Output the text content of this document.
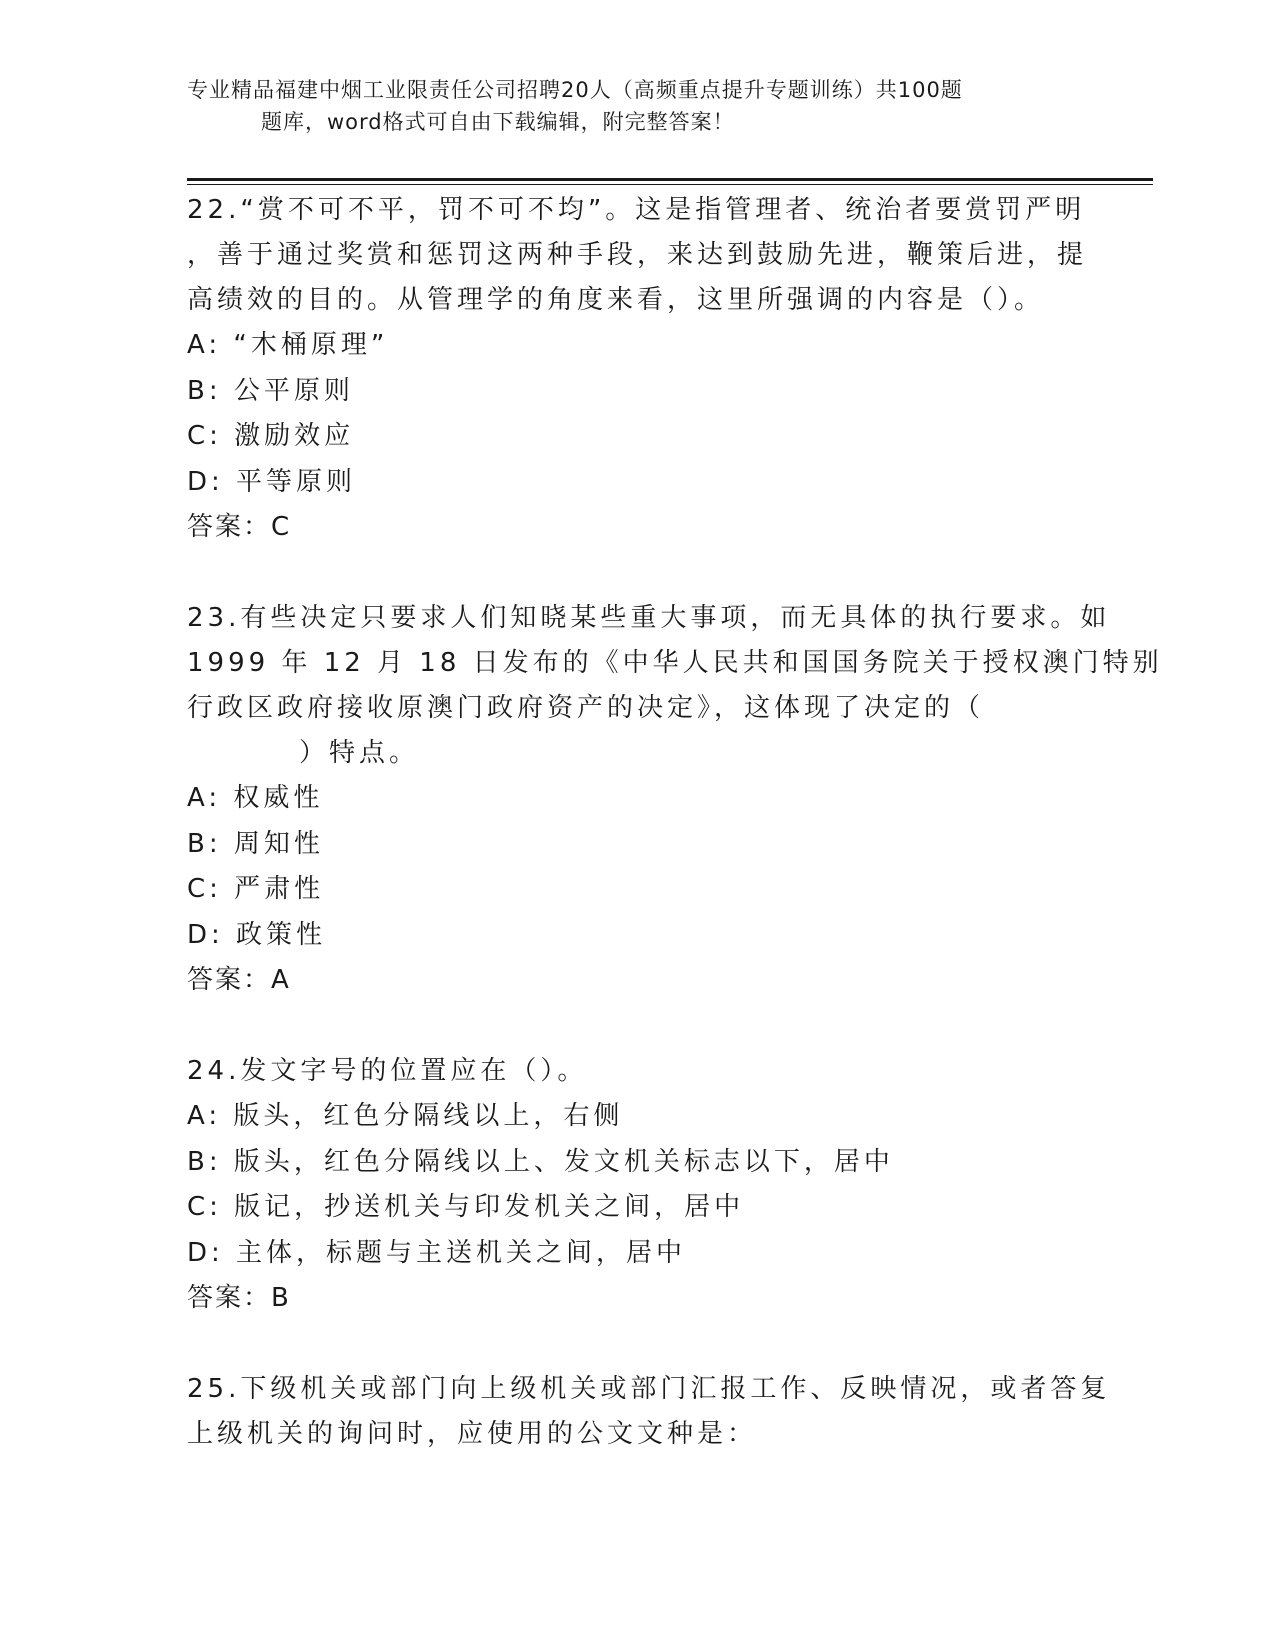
专业精品福建中烟工业限责任公司招聘20人（高频重点提升专题训练）共100题
题库，word格式可自由下载编辑，附完整答案！
22.“赏不可不平，罚不可不均”。这是指管理者、统治者要赏罚严明
，善于通过奖赏和惩罚这两种手段，来达到鼓励先进，鞭策后进，提
高绩效的目的。从管理学的角度来看，这里所强调的内容是（）。
A: “木桶原理”
B: 公平原则
C: 激励效应
D: 平等原则
答案：C
23.有些决定只要求人们知晓某些重大事项，而无具体的执行要求。如
1999 年 12 月 18 日发布的《中华人民共和国国务院关于授权澳门特别
行政区政府接收原澳门政府资产的决定》，这体现了决定的（
）特点。
A: 权威性
B: 周知性
C: 严肃性
D: 政策性
答案：A
24.发文字号的位置应在（）。
A: 版头，红色分隔线以上，右侧
B: 版头，红色分隔线以上、发文机关标志以下，居中
C: 版记，抄送机关与印发机关之间，居中
D: 主体，标题与主送机关之间，居中
答案：B
25.下级机关或部门向上级机关或部门汇报工作、反映情况，或者答复
上级机关的询问时，应使用的公文文种是：
